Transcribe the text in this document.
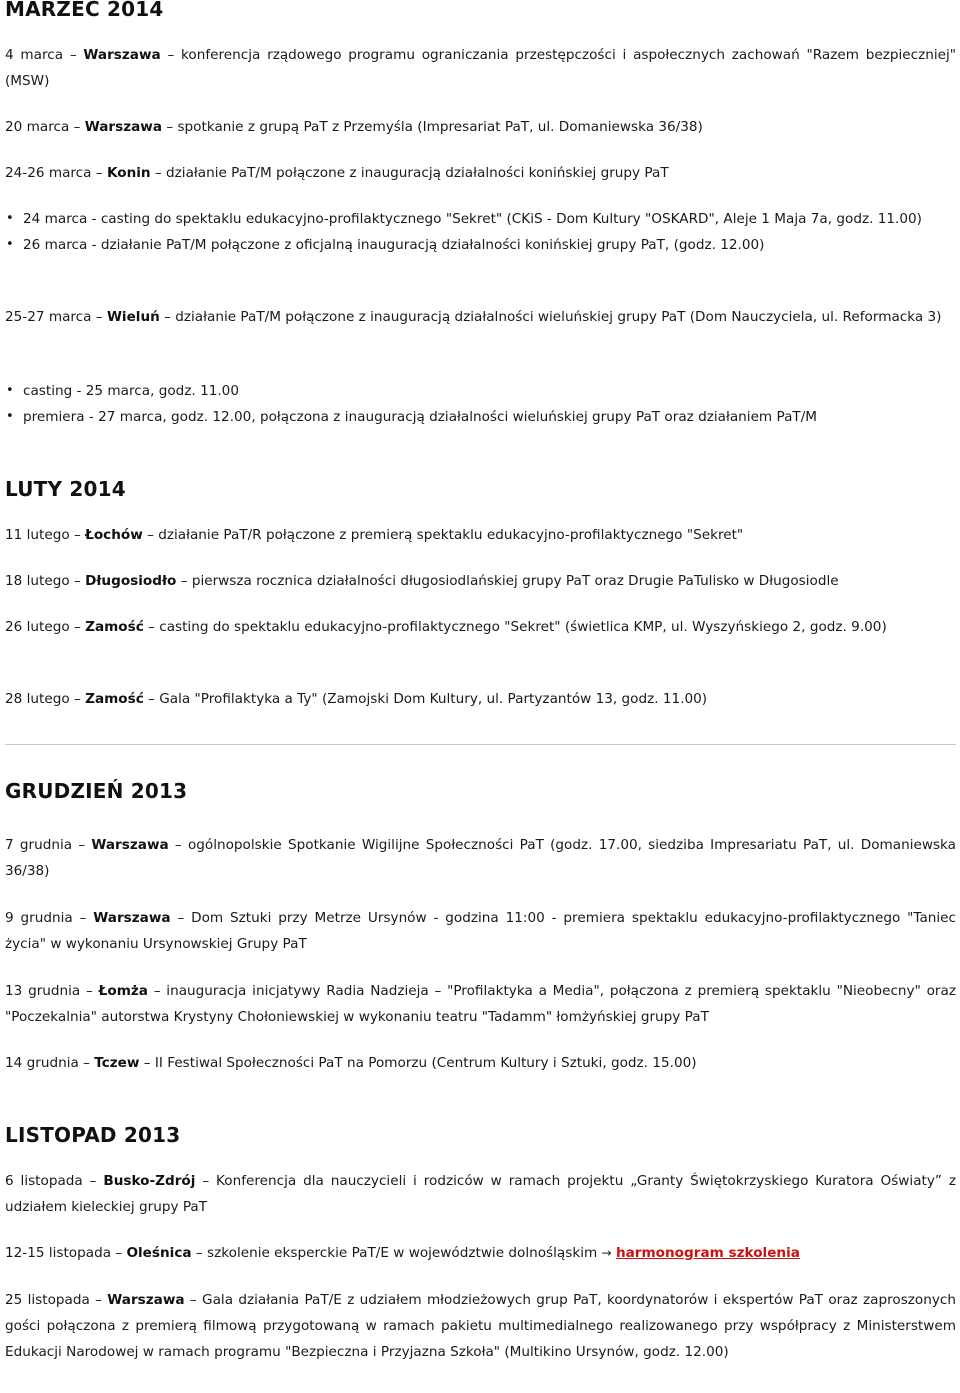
MARZEC 2014

4 marca – Warszawa – konferencja rządowego programu ograniczania przestępczości i aspołecznych zachowań "Razem bezpieczniej" (MSW)

20 marca – Warszawa – spotkanie z grupą PaT z Przemyśla (Impresariat PaT, ul. Domaniewska 36/38)

24-26 marca – Konin – działanie PaT/M połączone z inauguracją działalności konińskiej grupy PaT

• 24 marca - casting do spektaklu edukacyjno-profilaktycznego "Sekret" (CKiS - Dom Kultury "OSKARD", Aleje 1 Maja 7a, godz. 11.00)
• 26 marca - działanie PaT/M połączone z oficjalną inauguracją działalności konińskiej grupy PaT, (godz. 12.00)

25-27 marca – Wieluń – działanie PaT/M połączone z inauguracją działalności wieluńskiej grupy PaT (Dom Nauczyciela, ul. Reformacka 3)

• casting - 25 marca, godz. 11.00
• premiera - 27 marca, godz. 12.00, połączona z inauguracją działalności wieluńskiej grupy PaT oraz działaniem PaT/M
LUTY 2014

11 lutego – Łochów – działanie PaT/R połączone z premierą spektaklu edukacyjno-profilaktycznego "Sekret"

18 lutego – Długosiodło – pierwsza rocznica działalności długosiodlańskiej grupy PaT oraz Drugie PaTulisko w Długosiodle

26 lutego – Zamość – casting do spektaklu edukacyjno-profilaktycznego "Sekret" (świetlica KMP, ul. Wyszyńskiego 2, godz. 9.00)

28 lutego – Zamość – Gala "Profilaktyka a Ty" (Zamojski Dom Kultury, ul. Partyzantów 13, godz. 11.00)

GRUDZIEŃ 2013

7 grudnia – Warszawa – ogólnopolskie Spotkanie Wigilijne Społeczności PaT (godz. 17.00, siedziba Impresariatu PaT, ul. Domaniewska 36/38)

9 grudnia – Warszawa – Dom Sztuki przy Metrze Ursynów - godzina 11:00 - premiera spektaklu edukacyjno-profilaktycznego "Taniec życia" w wykonaniu Ursynowskiej Grupy PaT

13 grudnia – Łomża – inauguracja inicjatywy Radia Nadzieja – "Profilaktyka a Media", połączona z premierą spektaklu "Nieobecny" oraz "Poczekalnia" autorstwa Krystyny Chołoniewskiej w wykonaniu teatru "Tadamm" łomżyńskiej grupy PaT

14 grudnia – Tczew – II Festiwal Społeczności PaT na Pomorzu (Centrum Kultury i Sztuki, godz. 15.00)

LISTOPAD 2013

6 listopada – Busko-Zdrój – Konferencja dla nauczycieli i rodziców w ramach projektu „Granty Świętokrzyskiego Kuratora Oświaty” z udziałem kieleckiej grupy PaT

12-15 listopada – Oleśnica – szkolenie eksperckie PaT/E w województwie dolnośląskim → harmonogram szkolenia

25 listopada – Warszawa – Gala działania PaT/E z udziałem młodzieżowych grup PaT, koordynatorów i ekspertów PaT oraz zaproszonych gości połączona z premierą filmową przygotowaną w ramach pakietu multimedialnego realizowanego przy współpracy z Ministerstwem Edukacji Narodowej w ramach programu "Bezpieczna i Przyjazna Szkoła" (Multikino Ursynów, godz. 12.00)
